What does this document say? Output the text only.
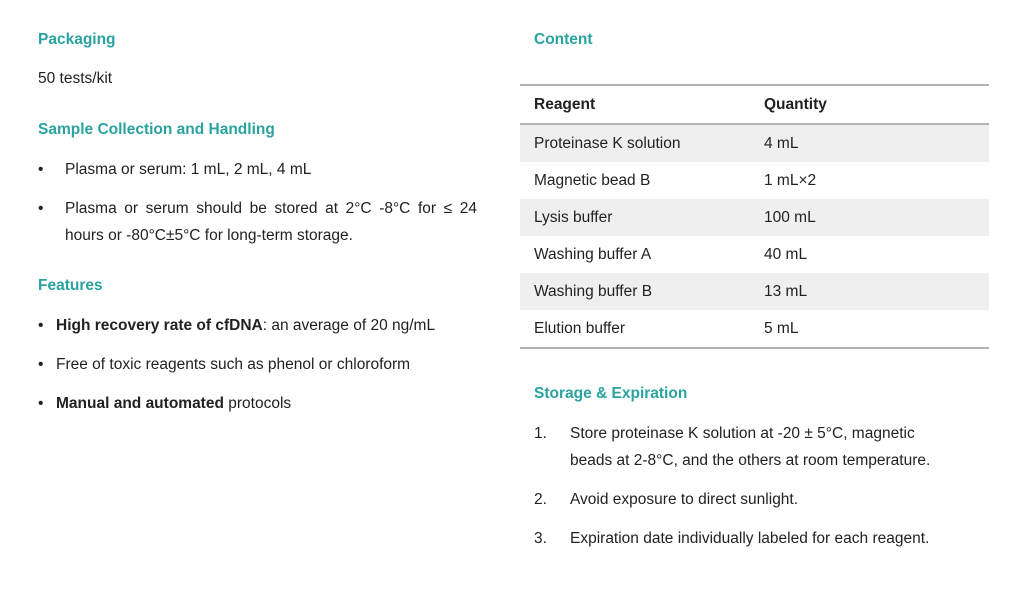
Packaging
50 tests/kit
Sample Collection and Handling
• Plasma or serum: 1 mL, 2 mL, 4 mL
• Plasma or serum should be stored at 2°C -8°C for ≤ 24 hours or -80°C±5°C for long-term storage.
Features
• High recovery rate of cfDNA: an average of 20 ng/mL
• Free of toxic reagents such as phenol or chloroform
• Manual and automated protocols
Content
Reagent	Quantity
Proteinase K solution	4 mL
Magnetic bead B	1 mL×2
Lysis buffer	100 mL
Washing buffer A	40 mL
Washing buffer B	13 mL
Elution buffer	5 mL
Storage & Expiration
1. Store proteinase K solution at -20 ± 5°C, magnetic
beads at 2-8°C, and the others at room temperature.
2. Avoid exposure to direct sunlight.
3. Expiration date individually labeled for each reagent.
